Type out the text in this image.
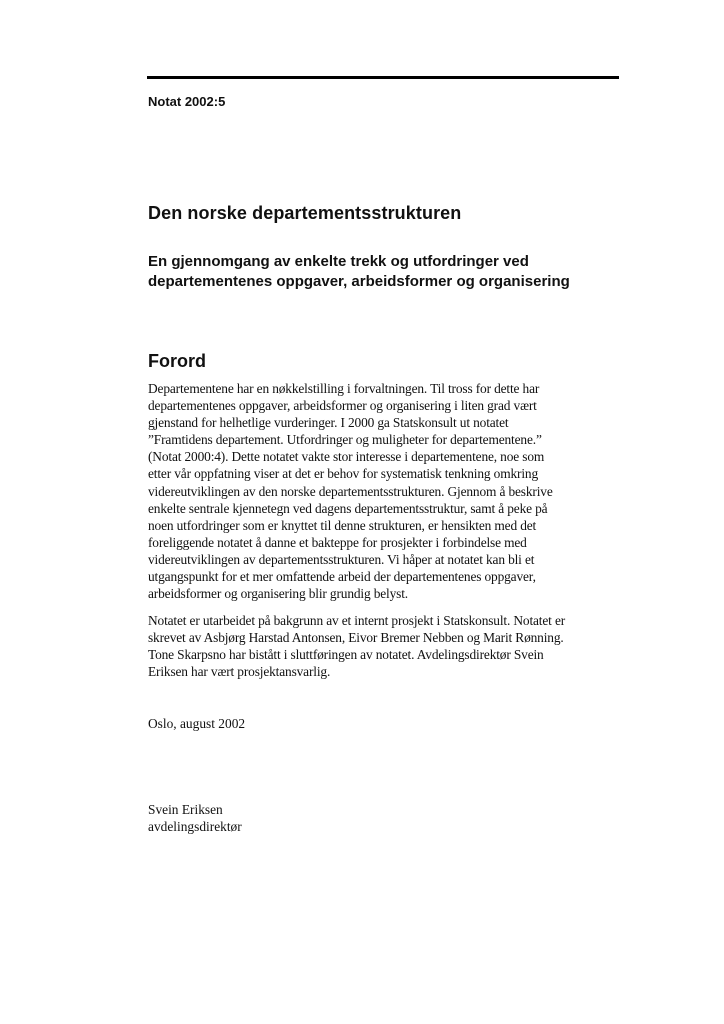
Notat 2002:5
Den norske departementsstrukturen
En gjennomgang av enkelte trekk og utfordringer ved
departementenes oppgaver, arbeidsformer og organisering
Forord
Departementene har en nøkkelstilling i forvaltningen. Til tross for dette har
departementenes oppgaver, arbeidsformer og organisering i liten grad vært
gjenstand for helhetlige vurderinger. I 2000 ga Statskonsult ut notatet
”Framtidens departement. Utfordringer og muligheter for departementene.”
(Notat 2000:4). Dette notatet vakte stor interesse i departementene, noe som
etter vår oppfatning viser at det er behov for systematisk tenkning omkring
videreutviklingen av den norske departementsstrukturen. Gjennom å beskrive
enkelte sentrale kjennetegn ved dagens departementsstruktur, samt å peke på
noen utfordringer som er knyttet til denne strukturen, er hensikten med det
foreliggende notatet å danne et bakteppe for prosjekter i forbindelse med
videreutviklingen av departementsstrukturen. Vi håper at notatet kan bli et
utgangspunkt for et mer omfattende arbeid der departementenes oppgaver,
arbeidsformer og organisering blir grundig belyst.
Notatet er utarbeidet på bakgrunn av et internt prosjekt i Statskonsult. Notatet er
skrevet av Asbjørg Harstad Antonsen, Eivor Bremer Nebben og Marit Rønning.
Tone Skarpsno har bistått i sluttføringen av notatet. Avdelingsdirektør Svein
Eriksen har vært prosjektansvarlig.
Oslo, august 2002
Svein Eriksen
avdelingsdirektør
